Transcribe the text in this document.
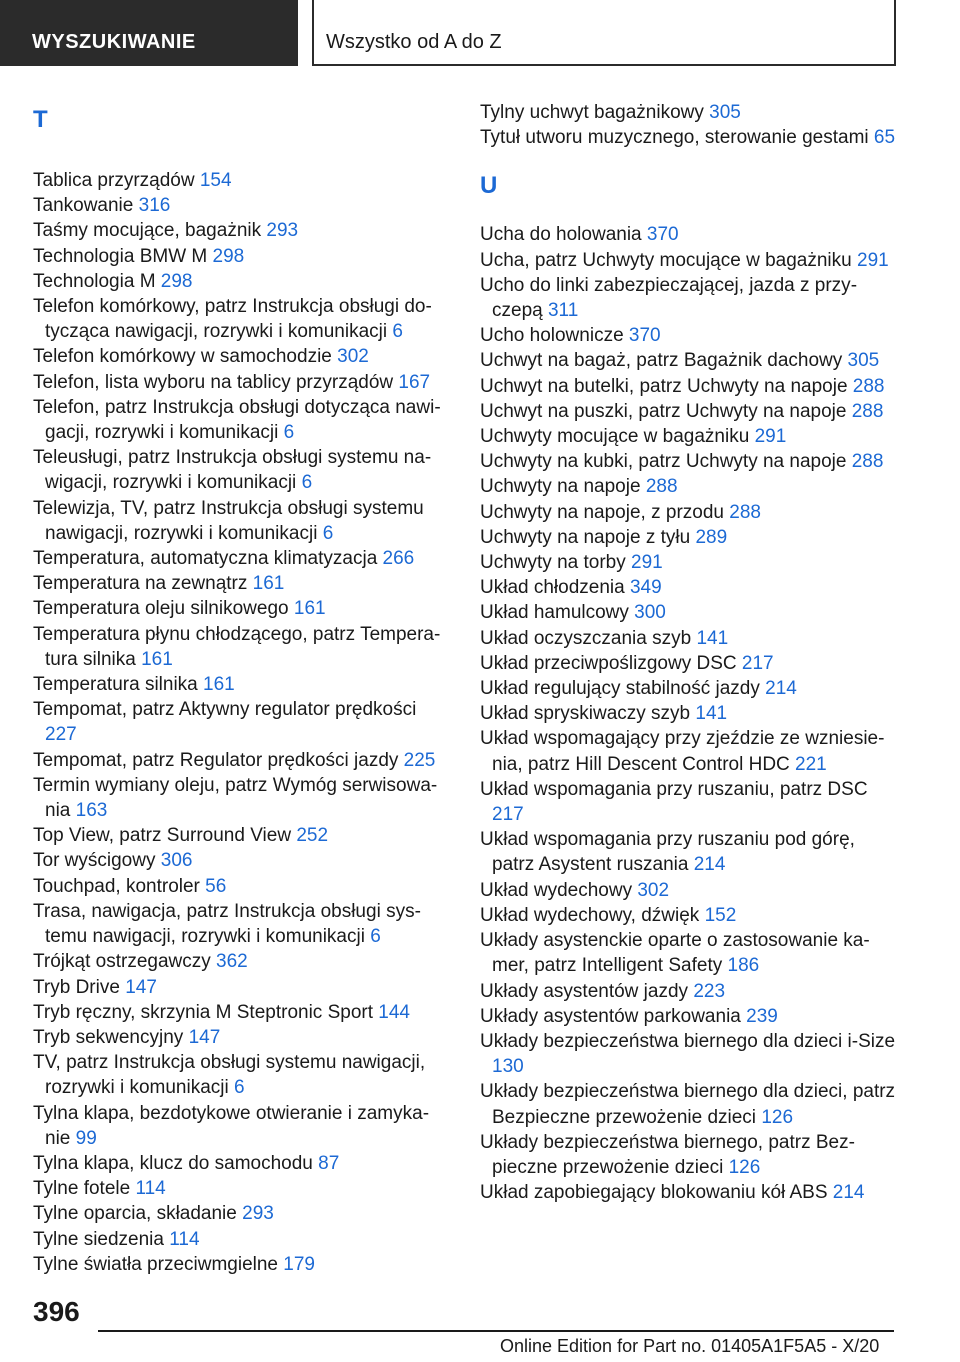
WYSZUKIWANIE	Wszystko od A do Z
T
Tablica przyrządów 154
Tankowanie 316
Taśmy mocujące, bagażnik 293
Technologia BMW M 298
Technologia M 298
Telefon komórkowy, patrz Instrukcja obsługi dotycząca nawigacji, rozrywki i komunikacji 6
Telefon komórkowy w samochodzie 302
Telefon, lista wyboru na tablicy przyrządów 167
Telefon, patrz Instrukcja obsługi dotycząca nawigacji, rozrywki i komunikacji 6
Teleusługi, patrz Instrukcja obsługi systemu nawigacji, rozrywki i komunikacji 6
Telewizja, TV, patrz Instrukcja obsługi systemu nawigacji, rozrywki i komunikacji 6
Temperatura, automatyczna klimatyzacja 266
Temperatura na zewnątrz 161
Temperatura oleju silnikowego 161
Temperatura płynu chłodzącego, patrz Temperatura silnika 161
Temperatura silnika 161
Tempomat, patrz Aktywny regulator prędkości 227
Tempomat, patrz Regulator prędkości jazdy 225
Termin wymiany oleju, patrz Wymóg serwisowania 163
Top View, patrz Surround View 252
Tor wyścigowy 306
Touchpad, kontroler 56
Trasa, nawigacja, patrz Instrukcja obsługi systemu nawigacji, rozrywki i komunikacji 6
Trójkąt ostrzegawczy 362
Tryb Drive 147
Tryb ręczny, skrzynia M Steptronic Sport 144
Tryb sekwencyjny 147
TV, patrz Instrukcja obsługi systemu nawigacji, rozrywki i komunikacji 6
Tylna klapa, bezdotykowe otwieranie i zamykanie 99
Tylna klapa, klucz do samochodu 87
Tylne fotele 114
Tylne oparcia, składanie 293
Tylne siedzenia 114
Tylne światła przeciwmgielne 179
Tylny uchwyt bagażnikowy 305
Tytuł utworu muzycznego, sterowanie gestami 65
U
Ucha do holowania 370
Ucha, patrz Uchwyty mocujące w bagażniku 291
Ucho do linki zabezpieczającej, jazda z przyczepą 311
Ucho holownicze 370
Uchwyt na bagaż, patrz Bagażnik dachowy 305
Uchwyt na butelki, patrz Uchwyty na napoje 288
Uchwyt na puszki, patrz Uchwyty na napoje 288
Uchwyty mocujące w bagażniku 291
Uchwyty na kubki, patrz Uchwyty na napoje 288
Uchwyty na napoje 288
Uchwyty na napoje, z przodu 288
Uchwyty na napoje z tyłu 289
Uchwyty na torby 291
Układ chłodzenia 349
Układ hamulcowy 300
Układ oczyszczania szyb 141
Układ przeciwpoślizgowy DSC 217
Układ regulujący stabilność jazdy 214
Układ spryskiwaczy szyb 141
Układ wspomagający przy zjeździe ze wzniesienia, patrz Hill Descent Control HDC 221
Układ wspomagania przy ruszaniu, patrz DSC 217
Układ wspomagania przy ruszaniu pod górę, patrz Asystent ruszania 214
Układ wydechowy 302
Układ wydechowy, dźwięk 152
Układy asystenckie oparte o zastosowanie kamer, patrz Intelligent Safety 186
Układy asystentów jazdy 223
Układy asystentów parkowania 239
Układy bezpieczeństwa biernego dla dzieci i-Size 130
Układy bezpieczeństwa biernego dla dzieci, patrz Bezpieczne przewożenie dzieci 126
Układy bezpieczeństwa biernego, patrz Bezpieczne przewożenie dzieci 126
Układ zapobiegający blokowaniu kół ABS 214
396
Online Edition for Part no. 01405A1F5A5 - X/20
